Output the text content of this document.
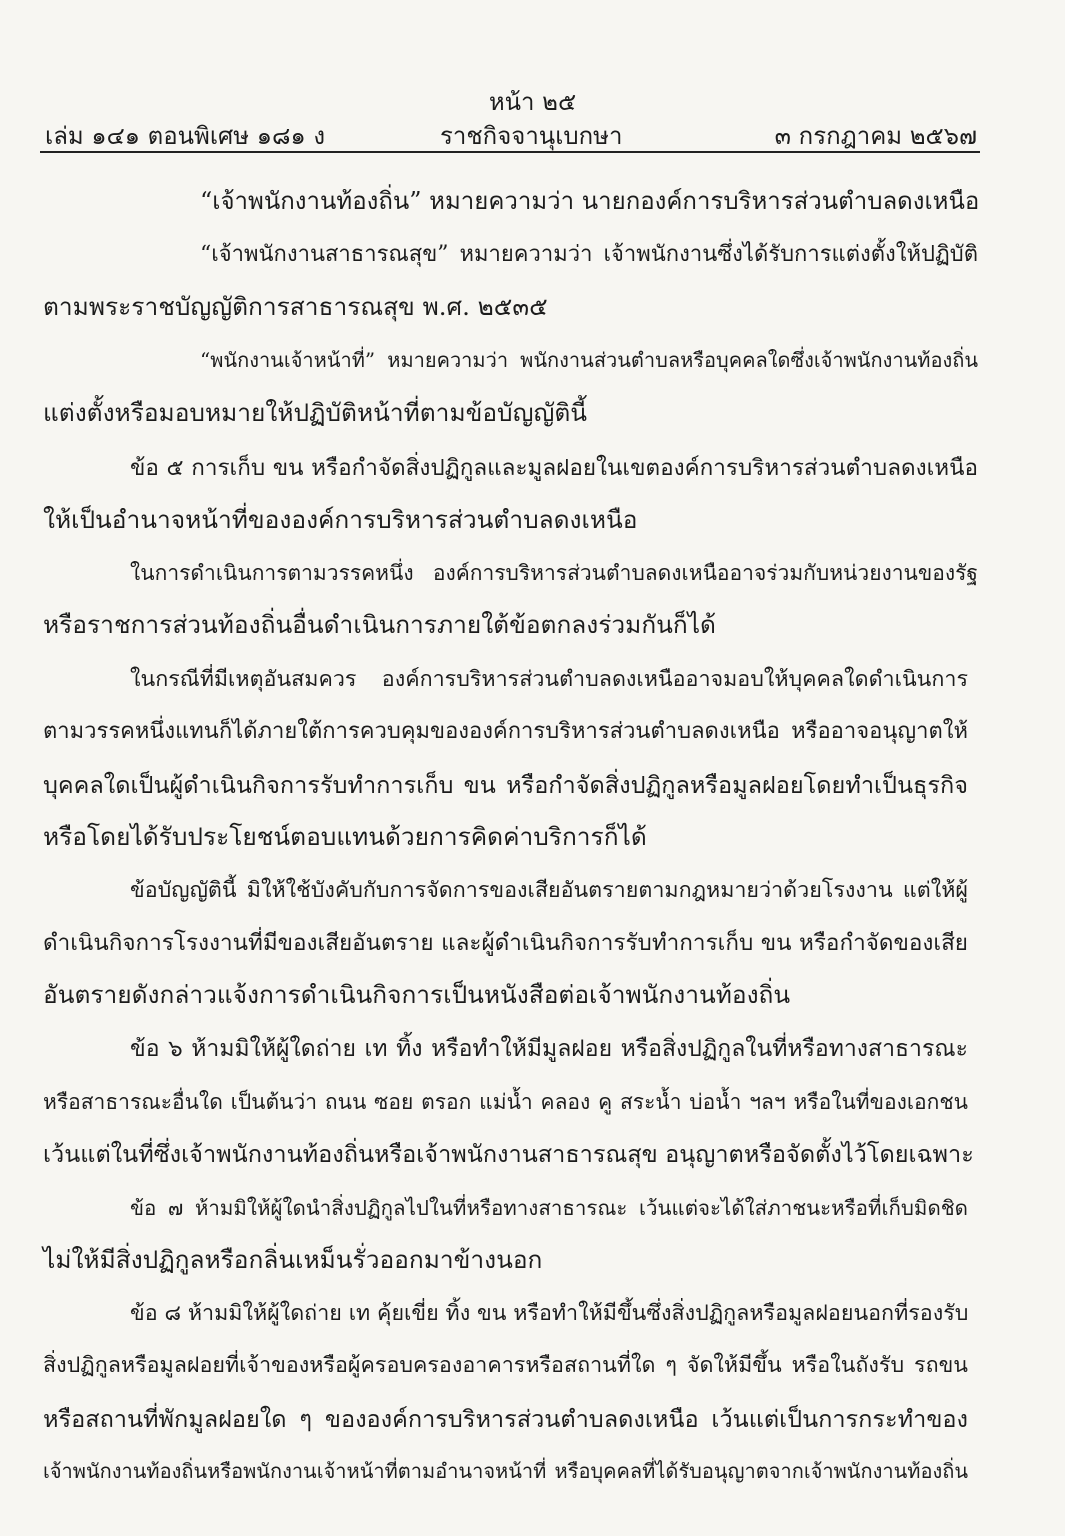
หน้า ๒๕
เล่ม ๑๔๑ ตอนพิเศษ ๑๘๑ ง	ราชกิจจานุเบกษา	๓ กรกฎาคม ๒๕๖๗
“เจ้าพนักงานท้องถิ่น” หมายความว่า นายกองค์การบริหารส่วนตำบลดงเหนือ
“เจ้าพนักงานสาธารณสุข” หมายความว่า เจ้าพนักงานซึ่งได้รับการแต่งตั้งให้ปฏิบัติ
ตามพระราชบัญญัติการสาธารณสุข พ.ศ. ๒๕๓๕
“พนักงานเจ้าหน้าที่” หมายความว่า พนักงานส่วนตำบลหรือบุคคลใดซึ่งเจ้าพนักงานท้องถิ่น
แต่งตั้งหรือมอบหมายให้ปฏิบัติหน้าที่ตามข้อบัญญัตินี้
ข้อ ๕ การเก็บ ขน หรือกำจัดสิ่งปฏิกูลและมูลฝอยในเขตองค์การบริหารส่วนตำบลดงเหนือ
ให้เป็นอำนาจหน้าที่ขององค์การบริหารส่วนตำบลดงเหนือ
ในการดำเนินการตามวรรคหนึ่ง องค์การบริหารส่วนตำบลดงเหนืออาจร่วมกับหน่วยงานของรัฐ
หรือราชการส่วนท้องถิ่นอื่นดำเนินการภายใต้ข้อตกลงร่วมกันก็ได้
ในกรณีที่มีเหตุอันสมควร องค์การบริหารส่วนตำบลดงเหนืออาจมอบให้บุคคลใดดำเนินการ
ตามวรรคหนึ่งแทนก็ได้ภายใต้การควบคุมขององค์การบริหารส่วนตำบลดงเหนือ หรืออาจอนุญาตให้
บุคคลใดเป็นผู้ดำเนินกิจการรับทำการเก็บ ขน หรือกำจัดสิ่งปฏิกูลหรือมูลฝอยโดยทำเป็นธุรกิจ
หรือโดยได้รับประโยชน์ตอบแทนด้วยการคิดค่าบริการก็ได้
ข้อบัญญัตินี้ มิให้ใช้บังคับกับการจัดการของเสียอันตรายตามกฎหมายว่าด้วยโรงงาน แต่ให้ผู้
ดำเนินกิจการโรงงานที่มีของเสียอันตราย และผู้ดำเนินกิจการรับทำการเก็บ ขน หรือกำจัดของเสีย
อันตรายดังกล่าวแจ้งการดำเนินกิจการเป็นหนังสือต่อเจ้าพนักงานท้องถิ่น
ข้อ ๖ ห้ามมิให้ผู้ใดถ่าย เท ทิ้ง หรือทำให้มีมูลฝอย หรือสิ่งปฏิกูลในที่หรือทางสาธารณะ
หรือสาธารณะอื่นใด เป็นต้นว่า ถนน ซอย ตรอก แม่น้ำ คลอง คู สระน้ำ บ่อน้ำ ฯลฯ หรือในที่ของเอกชน
เว้นแต่ในที่ซึ่งเจ้าพนักงานท้องถิ่นหรือเจ้าพนักงานสาธารณสุข อนุญาตหรือจัดตั้งไว้โดยเฉพาะ
ข้อ ๗ ห้ามมิให้ผู้ใดนำสิ่งปฏิกูลไปในที่หรือทางสาธารณะ เว้นแต่จะได้ใส่ภาชนะหรือที่เก็บมิดชิด
ไม่ให้มีสิ่งปฏิกูลหรือกลิ่นเหม็นรั่วออกมาข้างนอก
ข้อ ๘ ห้ามมิให้ผู้ใดถ่าย เท คุ้ยเขี่ย ทิ้ง ขน หรือทำให้มีขึ้นซึ่งสิ่งปฏิกูลหรือมูลฝอยนอกที่รองรับ
สิ่งปฏิกูลหรือมูลฝอยที่เจ้าของหรือผู้ครอบครองอาคารหรือสถานที่ใด ๆ จัดให้มีขึ้น หรือในถังรับ รถขน
หรือสถานที่พักมูลฝอยใด ๆ ขององค์การบริหารส่วนตำบลดงเหนือ เว้นแต่เป็นการกระทำของ
เจ้าพนักงานท้องถิ่นหรือพนักงานเจ้าหน้าที่ตามอำนาจหน้าที่ หรือบุคคลที่ได้รับอนุญาตจากเจ้าพนักงานท้องถิ่น
